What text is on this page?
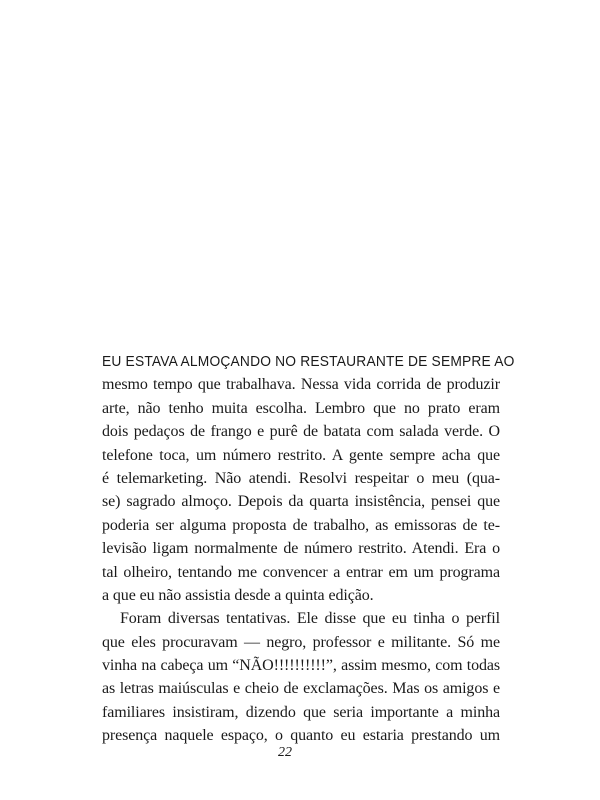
EU ESTAVA ALMOÇANDO NO RESTAURANTE DE SEMPRE AO
mesmo tempo que trabalhava. Nessa vida corrida de produzir
arte, não tenho muita escolha. Lembro que no prato eram
dois pedaços de frango e purê de batata com salada verde. O
telefone toca, um número restrito. A gente sempre acha que
é telemarketing. Não atendi. Resolvi respeitar o meu (qua-
se) sagrado almoço. Depois da quarta insistência, pensei que
poderia ser alguma proposta de trabalho, as emissoras de te-
levisão ligam normalmente de número restrito. Atendi. Era o
tal olheiro, tentando me convencer a entrar em um programa
a que eu não assistia desde a quinta edição.
Foram diversas tentativas. Ele disse que eu tinha o perfil
que eles procuravam — negro, professor e militante. Só me
vinha na cabeça um “NÃO!!!!!!!!!!”, assim mesmo, com todas
as letras maiúsculas e cheio de exclamações. Mas os amigos e
familiares insistiram, dizendo que seria importante a minha
presença naquele espaço, o quanto eu estaria prestando um
22
